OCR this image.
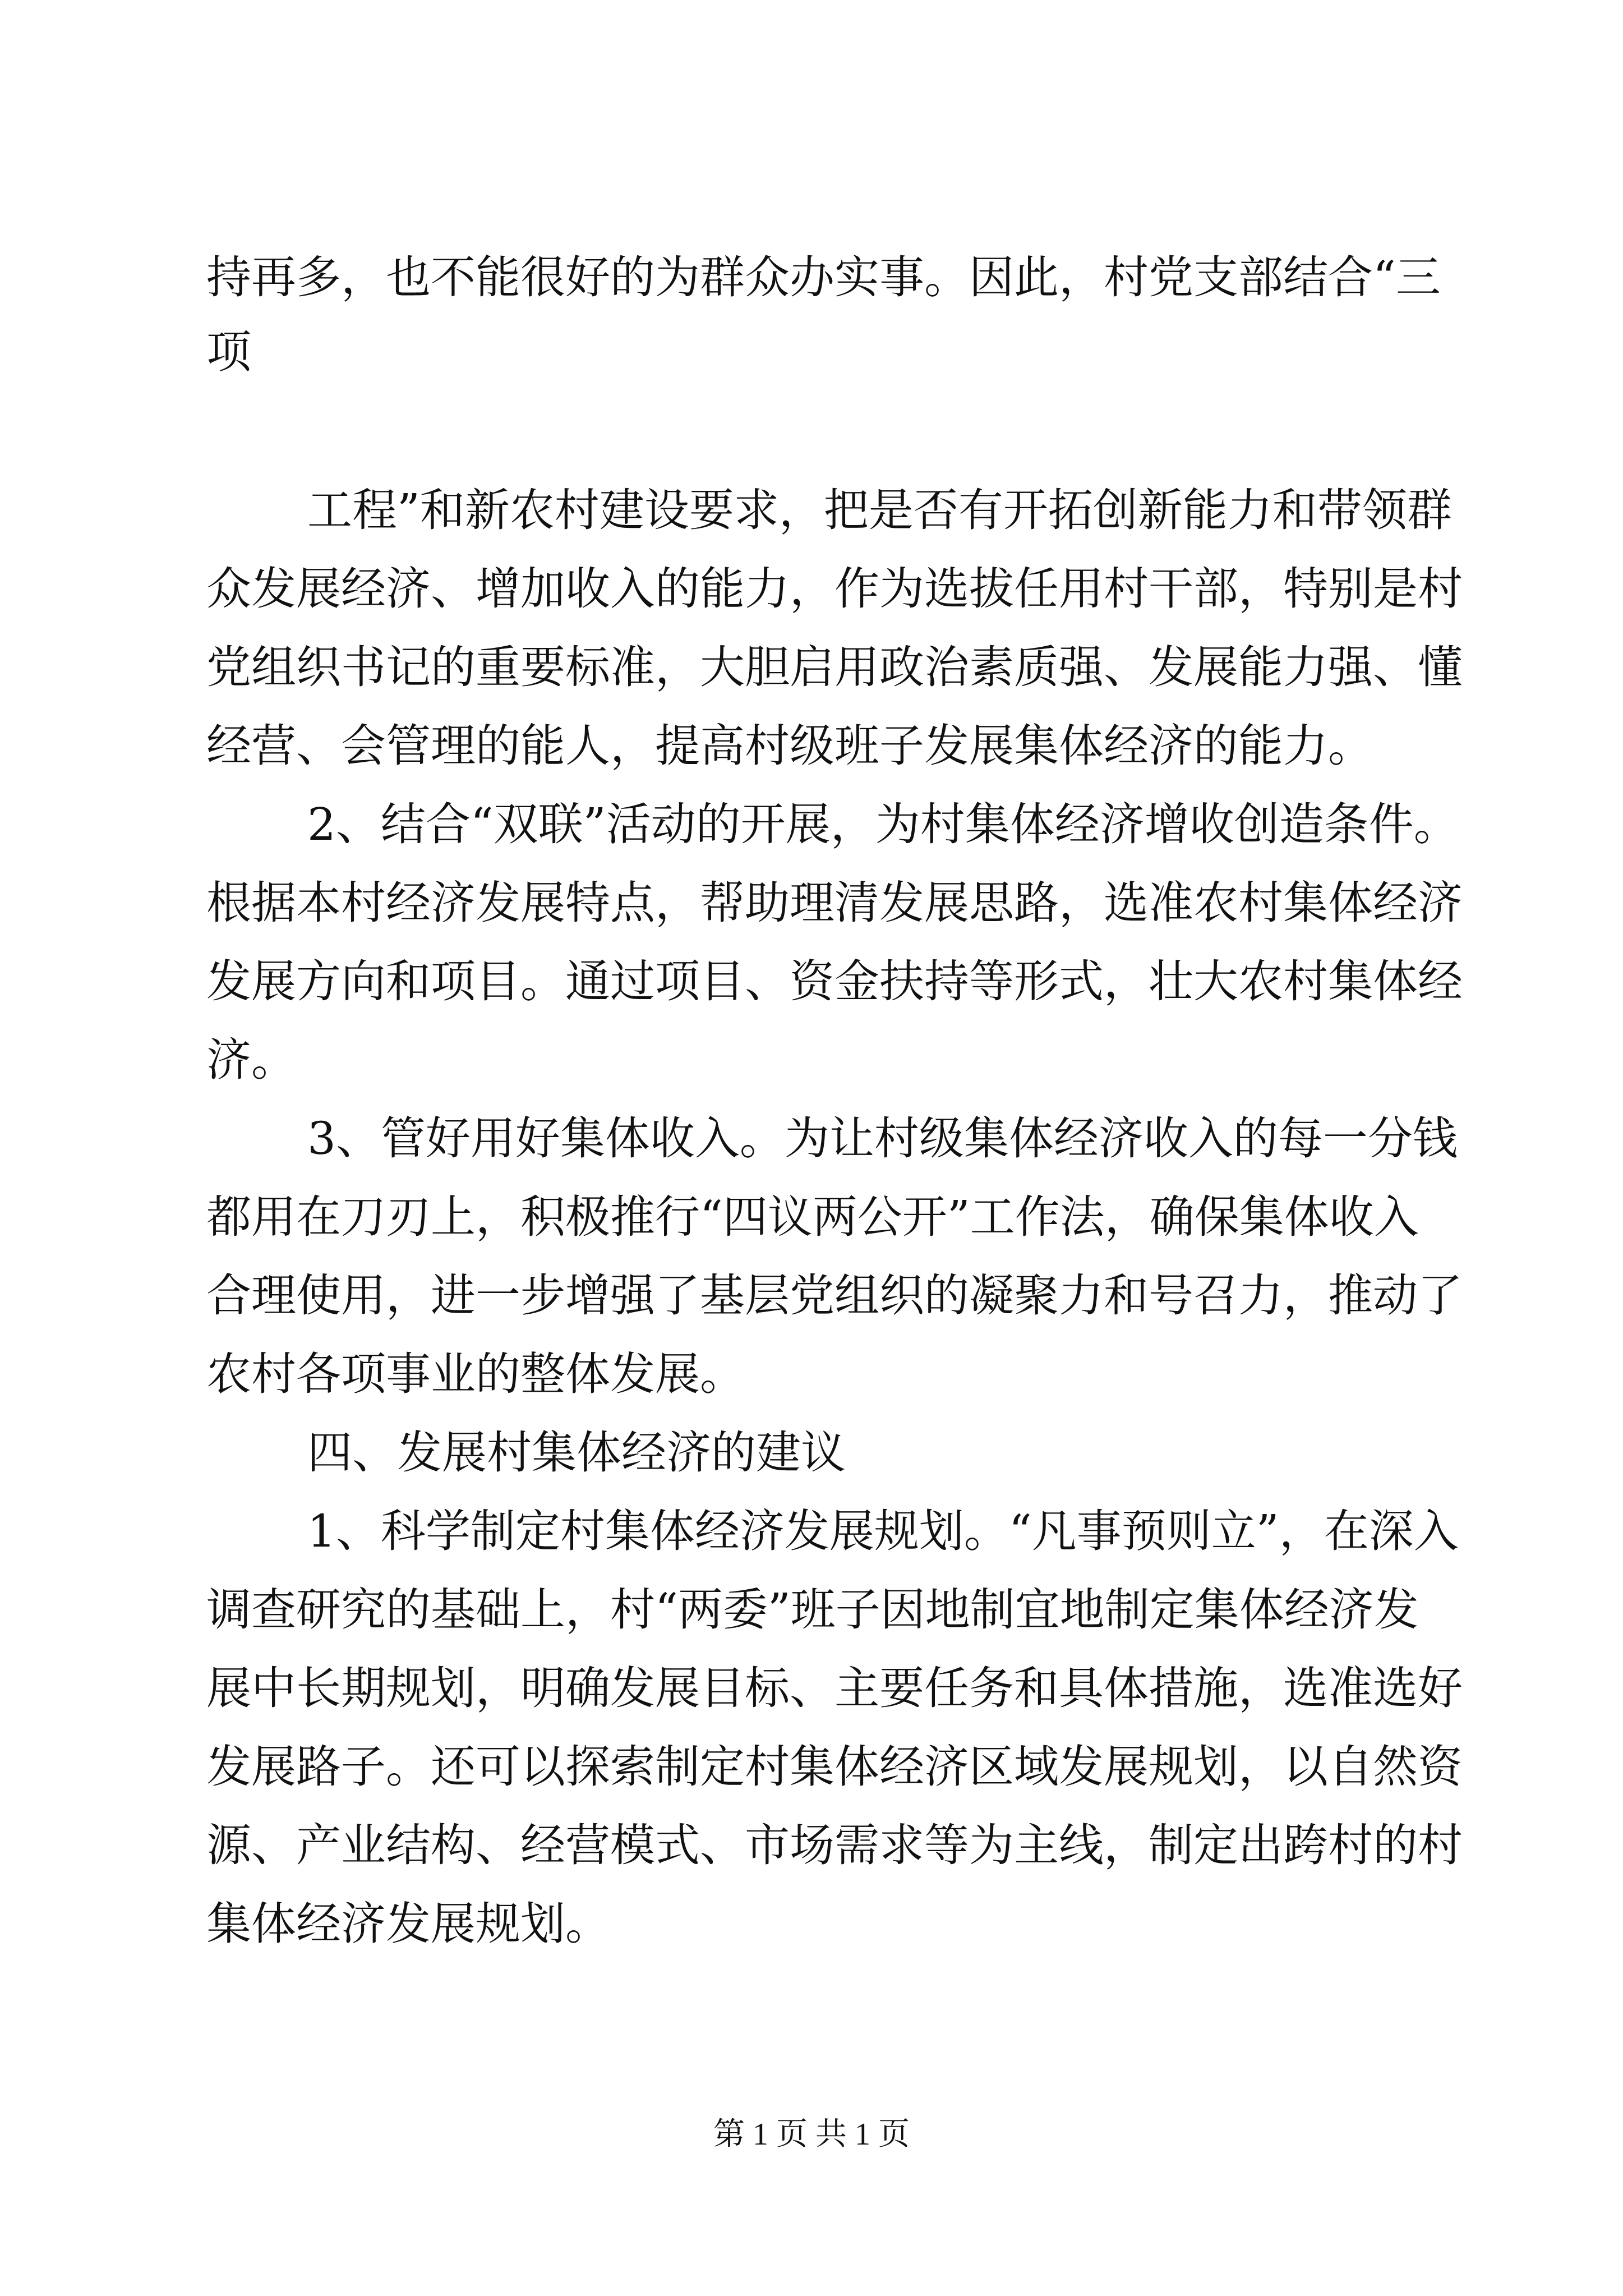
持再多，也不能很好的为群众办实事。因此，村党支部结合“三

项

工程”和新农村建设要求，把是否有开拓创新能力和带领群

众发展经济、增加收入的能力，作为选拔任用村干部，特别是村

党组织书记的重要标准，大胆启用政治素质强、发展能力强、懂

经营、会管理的能人，提高村级班子发展集体经济的能力。

2、结合“双联”活动的开展，为村集体经济增收创造条件。

根据本村经济发展特点，帮助理清发展思路，选准农村集体经济

发展方向和项目。通过项目、资金扶持等形式，壮大农村集体经

济。

3、管好用好集体收入。为让村级集体经济收入的每一分钱

都用在刀刃上，积极推行“四议两公开”工作法，确保集体收入

合理使用，进一步增强了基层党组织的凝聚力和号召力，推动了

农村各项事业的整体发展。

四、发展村集体经济的建议

1、科学制定村集体经济发展规划。“凡事预则立”，在深入

调查研究的基础上，村“两委”班子因地制宜地制定集体经济发

展中长期规划，明确发展目标、主要任务和具体措施，选准选好

发展路子。还可以探索制定村集体经济区域发展规划，以自然资

源、产业结构、经营模式、市场需求等为主线，制定出跨村的村

集体经济发展规划。

第 1 页 共 1 页
